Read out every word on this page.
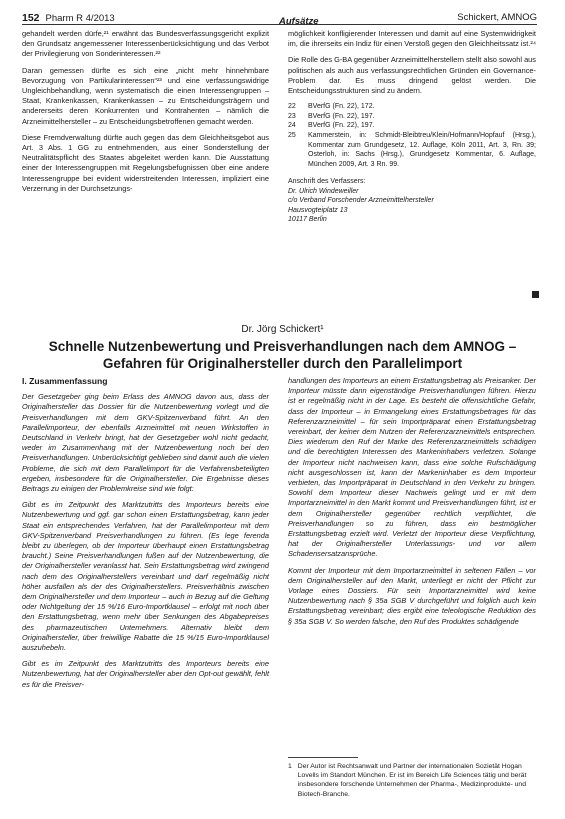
152 Pharm R 4/2013	Aufsätze	Schickert, AMNOG

gehandelt werden dürfe,²¹ erwähnt das Bundesverfassungsgericht explizit den Grundsatz angemessener Interessenberücksichtigung und das Verbot der Privilegierung von Sonderinteressen.²²

Daran gemessen dürfte es sich eine „nicht mehr hinnehmbare Bevorzugung von Partikularinteressen“²³ und eine verfassungswidrige Ungleichbehandlung, wenn systematisch die einen Interessengruppen – Staat, Krankenkassen, Krankenkassen – zu Entscheidungsträgern und andererseits deren Konkurrenten und Kontrahenten – nämlich die Arzneimittelhersteller – zu Entscheidungsbetroffenen gemacht werden.

Diese Fremdverwaltung dürfte auch gegen das dem Gleichheitsgebot aus Art. 3 Abs. 1 GG zu entnehmenden, aus einer Sonderstellung der Neutralitätspflicht des Staates abgeleitet werden kann. Die Ausstattung einer der Interessengruppen mit Regelungsbefugnissen über eine andere Interessengruppe bei evident widerstreitenden Interessen, impliziert eine Verzerrung in der Durchsetzungs-

möglichkeit konfligierender Interessen und damit auf eine Systemwidrigkeit im, die ihrerseits ein Indiz für einen Verstoß gegen den Gleichheitssatz ist.²⁴

Die Rolle des G-BA gegenüber Arzneimittelherstellern stellt also sowohl aus politischen als auch aus verfassungsrechtlichen Gründen ein Governance-Problem dar. Es muss dringend gelöst werden. Die Entscheidungsstrukturen sind zu ändern.

22	BVerfG (Fn. 22), 172.
23	BVerfG (Fn. 22), 197.
24	BVerfG (Fn. 22), 197.
25	Kammerstein, in: Schmidt-Bleibtreu/Klein/Hofmann/Hopfauf (Hrsg.), Kommentar zum Grundgesetz, 12. Auflage, Köln 2011, Art. 3, Rn. 39; Osterloh, in: Sachs (Hrsg.), Grundgesetz Kommentar, 6. Auflage, München 2009, Art. 3 Rn. 99.
Anschrift des Verfassers:
Dr. Ulrich Windeweiller
c/o Verband Forschender Arzneimittelhersteller
Hausvogteiplatz 13
10117 Berlin
Dr. Jörg Schickert¹
Schnelle Nutzenbewertung und Preisverhandlungen nach dem AMNOG – Gefahren für Originalhersteller durch den Parallelimport
I. Zusammenfassung

Der Gesetzgeber ging beim Erlass des AMNOG davon aus, dass der Originalhersteller das Dossier für die Nutzenbewertung vorlegt und die Preisverhandlungen mit dem GKV-Spitzenverband führt. An den Parallelimporteur, der ebenfalls Arzneimittel mit neuen Wirkstoffen in Deutschland in Verkehr bringt, hat der Gesetzgeber wohl nicht gedacht, weder im Zusammenhang mit der Nutzenbewertung noch bei den Preisverhandlungen. Unberücksichtigt geblieben sind damit auch die vielen Probleme, die sich mit dem Parallelimport für die Verfahrensbeteiligten ergeben, insbesondere für die Originalhersteller. Die Ergebnisse dieses Beitrags zu einigen der Problemkreise sind wie folgt:

Gibt es im Zeitpunkt des Marktzutritts des Importeurs bereits eine Nutzenbewertung und ggf. gar schon einen Erstattungsbetrag, kann jeder Staat ein entsprechendes Verfahren, hat der Parallelimporteur mit dem GKV-Spitzenverband Preisverhandlungen zu führen. (Es lege ferenda bleibt zu überlegen, ob der Importeur überhaupt einen Erstattungsbetrag braucht.) Seine Preisverhandlungen fußen auf der Nutzenbewertung, die der Originalhersteller veranlasst hat. Sein Erstattungsbetrag wird zwingend nach dem des Originalherstellers vereinbart und darf regelmäßig nicht höher ausfallen als der des Originalherstellers. Preisverhältnis zwischen dem Originalhersteller und dem Importeur – auch in Bezug auf die Geltung oder Nichtgeltung der 15 %/16 Euro-Importklausel – erfolgt mit noch über den Erstattungsbetrag, wenn mehr über Senkungen des Abgabepreises des pharmazeutischen Unternehmers. Alternativ bleibt dem Originalhersteller, über freiwillige Rabatte die 15 %/15 Euro-Importklausel auszuhebeln.

Gibt es im Zeitpunkt des Marktzutritts des Importeurs bereits eine Nutzenbewertung, hat der Originalhersteller aber den Opt-out gewählt, fehlt es für die Preisver-

handlungen des Importeurs an einem Erstattungsbetrag als Preisanker. Der Importeur müsste dann eigenständige Preisverhandlungen führen. Hierzu ist er regelmäßig nicht in der Lage. Es besteht die offensichtliche Gefahr, dass der Importeur – in Ermangelung eines Erstattungsbetrages für das Referenzarzneimittel – für sein Importpräparat einen Erstattungsbetrag vereinbart, der keiner dem Nutzen der Referenzarzneimittels entsprechen. Dies wiederum den Ruf der Marke des Referenzarzneimittels schädigen und die berechtigten Interessen des Markeninhabers verletzen. Solange der Importeur nicht nachweisen kann, dass eine solche Rufschädigung nicht ausgeschlossen ist, kann der Markeninhaber es dem Importeur verbieten, das Importpräparat in Deutschland in den Verkehr zu bringen. Sowohl dem Importeur dieser Nachweis gelingt und er mit dem Importarzneimittel in den Markt kommt und Preisverhandlungen führt, ist er dem Originalhersteller gegenüber rechtlich verpflichtet, die Preisverhandlungen so zu führen, dass ein bestmöglicher Erstattungsbetrag erzielt wird. Verletzt der Importeur diese Verpflichtung, hat der Originalhersteller Unterlassungs- und vor allem Schadensersatzansprüche.

Kommt der Importeur mit dem Importarzneimittel in seltenen Fällen – vor dem Originalhersteller auf den Markt, unterliegt er nicht der Pflicht zur Vorlage eines Dossiers. Für sein Importarzneimittel wird keine Nutzenbewertung nach § 35a SGB V durchgeführt und folglich auch kein Erstattungsbetrag vereinbart; dies ergibt eine teleologische Reduktion des § 35a SGB V. So werden falsche, den Ruf des Produktes schädigende

1 Der Autor ist Rechtsanwalt und Partner der internationalen Sozietät Hogan Lovells im Standort München. Er ist im Bereich Life Sciences tätig und berät insbesondere forschende Unternehmen der Pharma-, Medizinprodukte- und Biotech-Branche.
